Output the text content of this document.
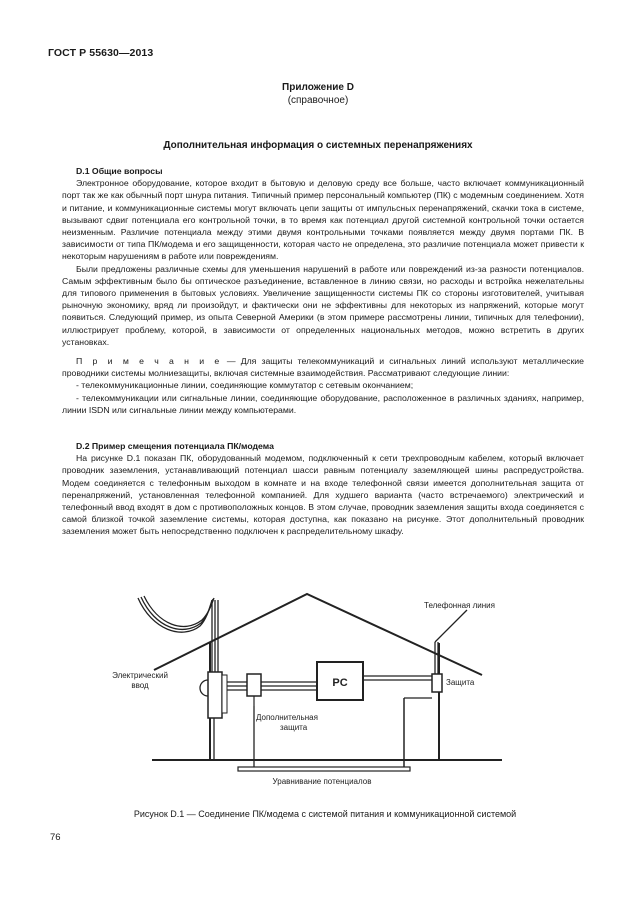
ГОСТ Р 55630—2013
Приложение D
(справочное)
Дополнительная информация о системных перенапряжениях
D.1 Общие вопросы

Электронное оборудование, которое входит в бытовую и деловую среду все больше, часто включает коммуникационный порт так же как обычный порт шнура питания. Типичный пример персональный компьютер (ПК) с модемным соединением. Хотя и питание, и коммуникационные системы могут включать цепи защиты от импульсных перенапряжений, скачки тока в системе, вызывают сдвиг потенциала его контрольной точки, в то время как потенциал другой системной контрольной точки остается неизменным. Различие потенциала между этими двумя контрольными точками появляется между двумя портами ПК. В зависимости от типа ПК/модема и его защищенности, которая часто не определена, это различие потенциала может привести к некоторым нарушениям в работе или повреждениям.

Были предложены различные схемы для уменьшения нарушений в работе или повреждений из-за разности потенциалов. Самым эффективным было бы оптическое разъединение, вставленное в линию связи, но расходы и встройка нежелательны для типового применения в бытовых условиях. Увеличение защищенности системы ПК со стороны изготовителей, учитывая рыночную экономику, вряд ли произойдут, и фактически они не эффективны для некоторых из напряжений, которые могут появиться. Следующий пример, из опыта Северной Америки (в этом примере рассмотрены линии, типичных для телефонии), иллюстрирует проблему, которой, в зависимости от определенных национальных методов, можно встретить в других установках.

П р и м е ч а н и е — Для защиты телекоммуникаций и сигнальных линий используют металлические проводники системы молниезащиты, включая системные взаимодействия. Рассматривают следующие линии:

- телекоммуникационные линии, соединяющие коммутатор с сетевым окончанием;

- телекоммуникации или сигнальные линии, соединяющие оборудование, расположенное в различных зданиях, например, линии ISDN или сигнальные линии между компьютерами.

D.2 Пример смещения потенциала ПК/модема

На рисунке D.1 показан ПК, оборудованный модемом, подключенный к сети трехпроводным кабелем, который включает проводник заземления, устанавливающий потенциал шасси равным потенциалу заземляющей шины распредустройства. Модем соединяется с телефонным выходом в комнате и на входе телефонной связи имеется дополнительная защита от перенапряжений, установленная телефонной компанией. Для худшего варианта (часто встречаемого) электрический и телефонный ввод входят в дом с противоположных концов. В этом случае, проводник заземления защиты входа соединяется с самой близкой точкой заземление системы, которая доступна, как показано на рисунке. Этот дополнительный проводник заземления может быть непосредственно подключен к распределительному шкафу.

PC
Телефонная линия
Электрический
ввод	Защита
Дополнительная
защита
Уравнивание потенциалов
Рисунок D.1 — Соединение ПК/модема с системой питания и коммуникационной системой
76
